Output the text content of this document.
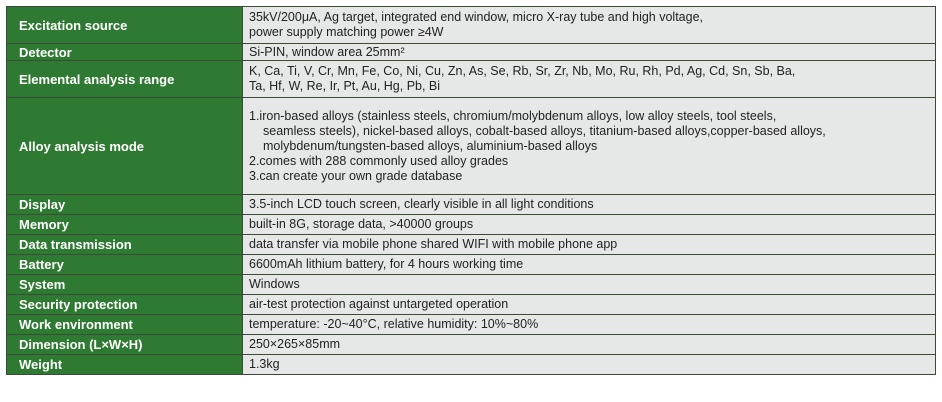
Excitation source	35kV/200μA, Ag target, integrated end window, micro X-ray tube and high voltage,
power supply matching power ≥4W

Detector	Si-PIN, window area 25mm²
Elemental analysis range	K, Ca, Ti, V, Cr, Mn, Fe, Co, Ni, Cu, Zn, As, Se, Rb, Sr, Zr, Nb, Mo, Ru, Rh, Pd, Ag, Cd, Sn, Sb, Ba,
Ta, Hf, W, Re, Ir, Pt, Au, Hg, Pb, Bi

Alloy analysis mode	1.iron-based alloys (stainless steels, chromium/molybdenum alloys, low alloy steels, tool steels,
seamless steels), nickel-based alloys, cobalt-based alloys, titanium-based alloys,copper-based alloys,
molybdenum/tungsten-based alloys, aluminium-based alloys
2.comes with 288 commonly used alloy grades
3.can create your own grade database

Display	3.5-inch LCD touch screen, clearly visible in all light conditions
Memory	built-in 8G, storage data, >40000 groups
Data transmission	data transfer via mobile phone shared WIFI with mobile phone app
Battery	6600mAh lithium battery, for 4 hours working time
System	Windows
Security protection	air-test protection against untargeted operation
Work environment	temperature: -20~40°C, relative humidity: 10%~80%
Dimension (L×W×H)	250×265×85mm
Weight	1.3kg
